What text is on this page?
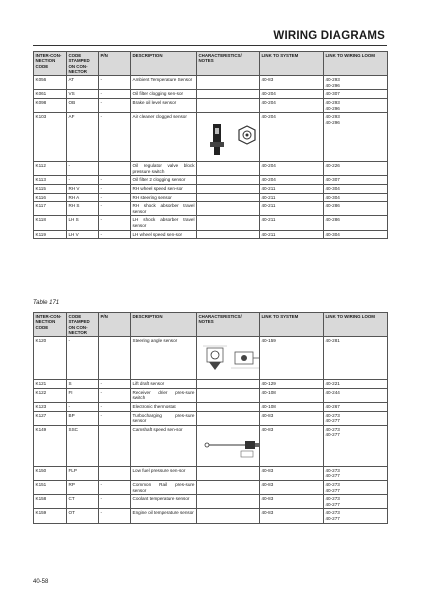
WIRING DIAGRAMS
INTER-CON-NECTION CODE	CODE STAMPED ON CON-NECTOR	P/N	DESCRIPTION	CHARACTERISTICS/ NOTES	LINK TO SYSTEM	LINK TO WIRING LOOM
K056	AT	-	Ambient Temperature Sensor		40-83	40-293
40-296

K061	VS	-	Oil filter clogging sen-sor		40-204	40-307

K098	OB	-	Brake oil level sensor		40-204	40-293
40-296

K103	AF	-	Air cleaner clogged sensor		40-204	40-293
40-296

K112	-		Oil regulator valve block pressure switch		40-204	40-226

K113	-	-	Oil filter 2 clogging sensor		40-204	40-307

K115	RH V	-	RH wheel speed sen-sor		40-211	40-304

K116	RH A	-	RH steering sensor		40-211	40-304

K117	RH S	-	RH shock absorber travel sensor		40-211	40-286

K118	LH S	-	LH shock absorber travel sensor		40-211	40-286

K119	LH V	-	LH wheel speed sen-sor		40-211	40-304
Table 171
INTER-CON-NECTION CODE	CODE STAMPED ON CON-NECTOR	P/N	DESCRIPTION	CHARACTERISTICS/ NOTES	LINK TO SYSTEM	LINK TO WIRING LOOM
K120	-		Steering angle sensor		40-159	40-281

K121	S	-	Lift draft sensor		40-129	40-221

K122	FI	-	Receiver drier pres-sure switch		40-108	40-244

K123	-	-	Electronic thermostat		40-108	40-267

K127	BP	-	Turbocharging pres-sure sensor		40-83	40-273
40-277

K149	SSC		Camshaft speed sen-sor		40-83	40-273
40-277

K150	FLP		Low fuel pressure sen-sor		40-83	40-273
40-277

K151	RP	-	Common Rail pres-sure sensor		40-83	40-273
40-277

K158	CT	-	Coolant temperature sensor		40-83	40-273
40-277

K159	OT	-	Engine oil temperature sensor		40-83	40-273
40-277
40-58
